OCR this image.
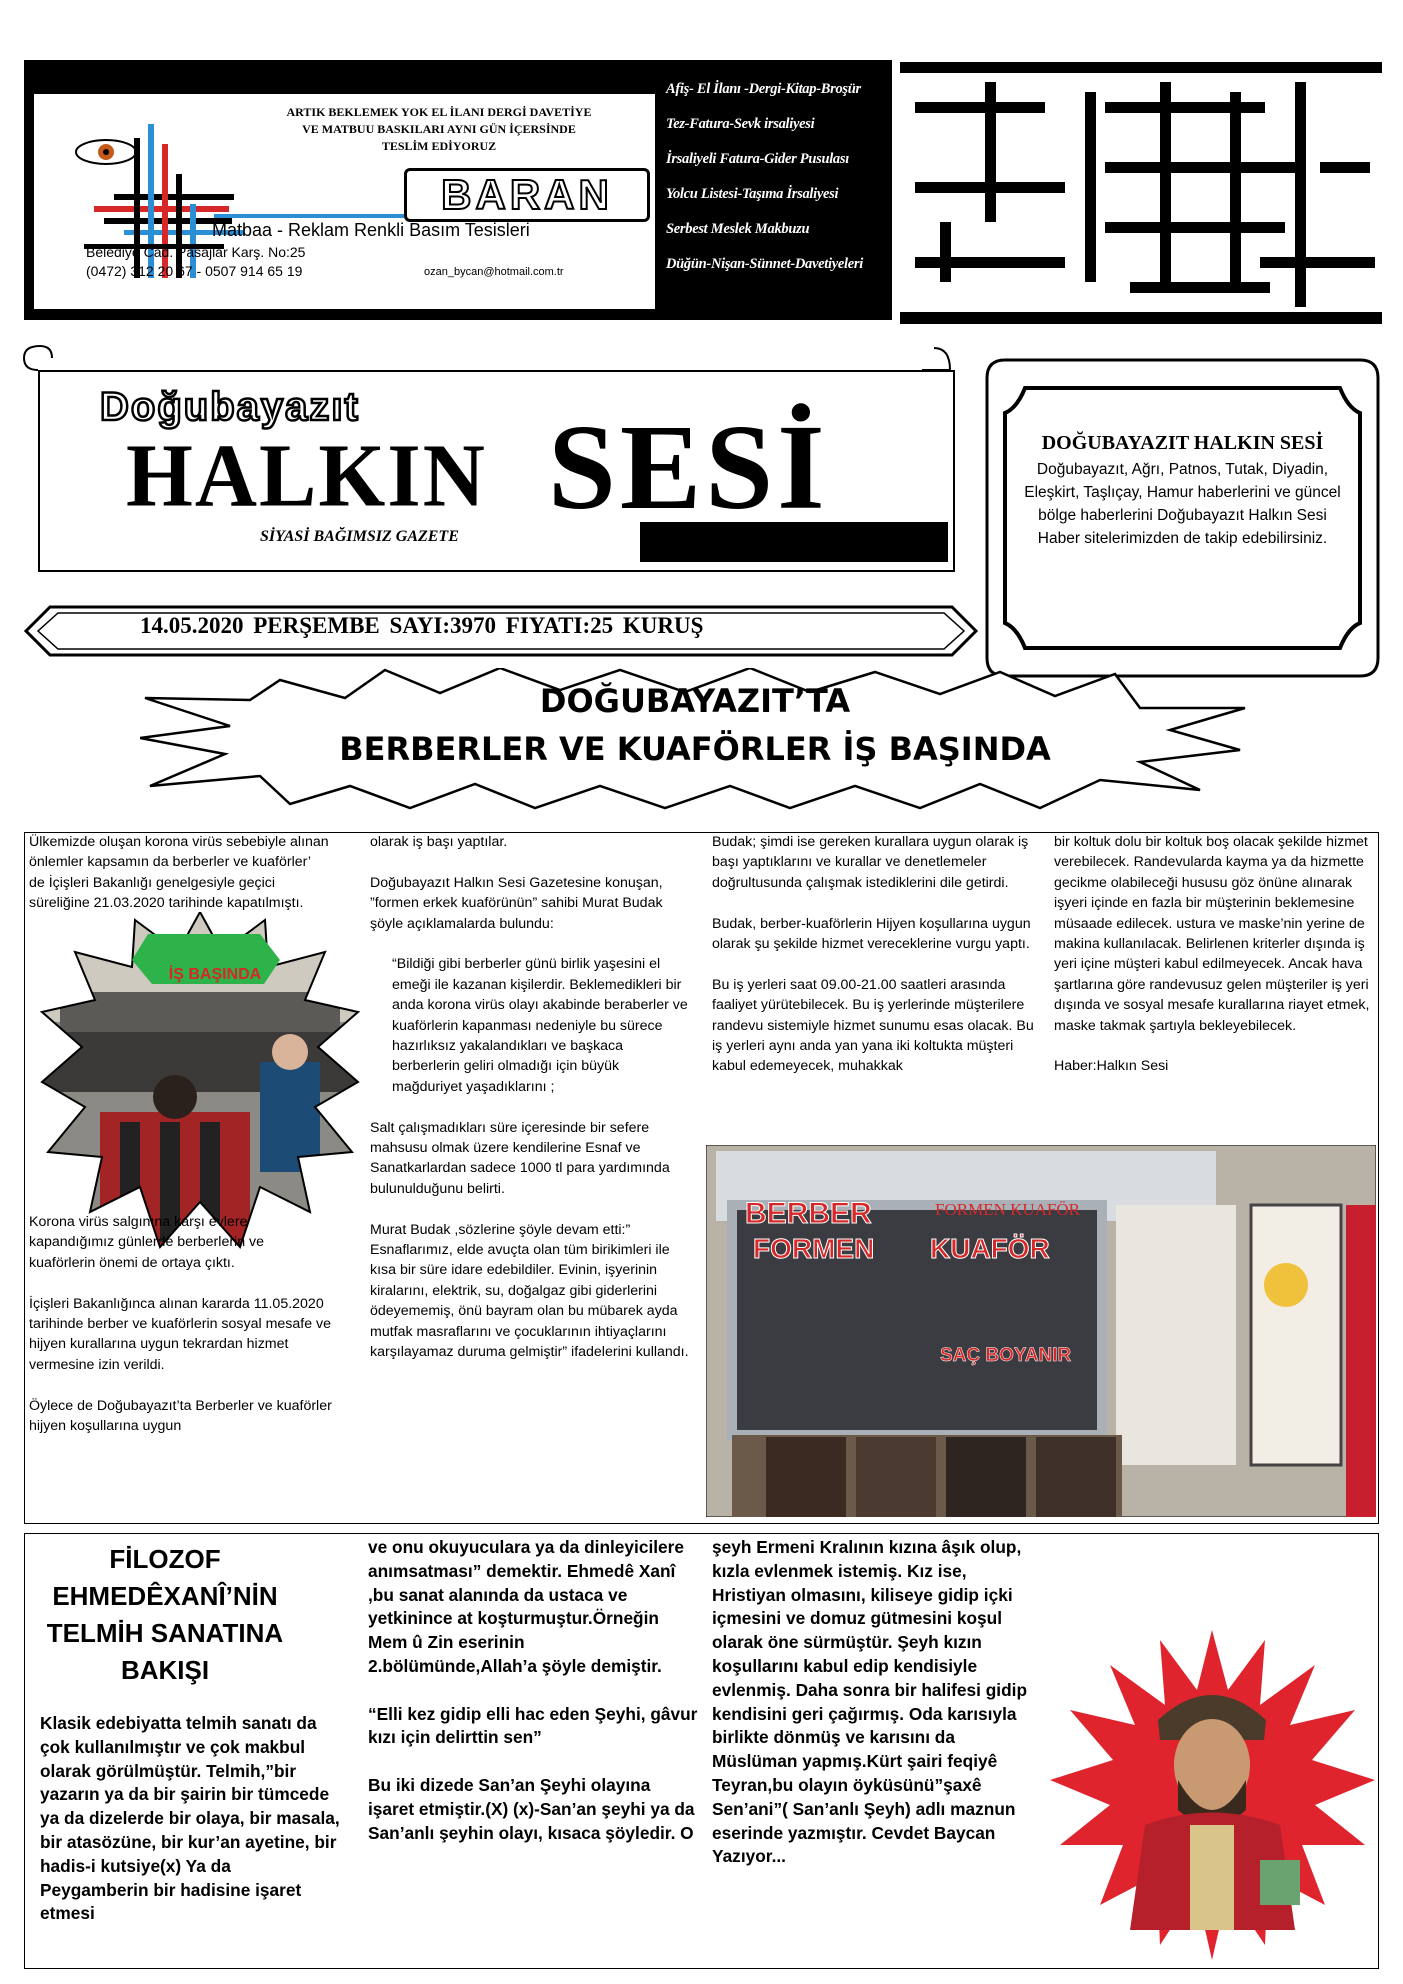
ARTIK BEKLEMEK YOK EL İLANI DERGİ DAVETİYE
VE MATBUU BASKILARI AYNI GÜN İÇERSİNDE
TESLİM EDİYORUZ
BARAN
Matbaa - Reklam Renkli Basım Tesisleri
Belediye Cad. Pasajlar Karş. No:25
(0472) 312 20 67 - 0507 914 65 19	ozan_bycan@hotmail.com.tr
Afiş- El İlanı -Dergi-Kitap-Broşür
Tez-Fatura-Sevk irsaliyesi
İrsaliyeli Fatura-Gider Pusulası
Yolcu Listesi-Taşıma İrsaliyesi
Serbest Meslek Makbuzu
Düğün-Nişan-Sünnet-Davetiyeleri
Doğubayazıt
HALKIN SESİ
SİYASİ BAĞIMSIZ GAZETE	KURULUŞ: 1 ŞUBAT 2002
DOĞUBAYAZIT HALKIN SESİ
Doğubayazıt, Ağrı, Patnos, Tutak, Diyadin, Eleşkirt, Taşlıçay, Hamur haberlerini ve güncel bölge haberlerini Doğubayazıt Halkın Sesi Haber sitelerimizden de takip edebilirsiniz.
14.05.2020 PERŞEMBE SAYI:3970 FIYATI:25 KURUŞ
DOĞUBAYAZIT’TA
BERBERLER VE KUAFÖRLER İŞ BAŞINDA

Ülkemizde oluşan korona virüs sebebiyle alınan önlemler kapsamın da berberler ve kuaförler’ de İçişleri Bakanlığı genelgesiyle geçici süreliğine 21.03.2020 tarihinde kapatılmıştı.

İŞ BAŞINDA

Korona virüs salgınına karşı evlere kapandığımız günlerde berberlerin ve kuaförlerin önemi de ortaya çıktı.

İçişleri Bakanlığınca alınan kararda 11.05.2020 tarihinde berber ve kuaförlerin sosyal mesafe ve hijyen kurallarına uygun tekrardan hizmet vermesine izin verildi.

Öylece de Doğubayazıt’ta Berberler ve kuaförler hijyen koşullarına uygun

olarak iş başı yaptılar.

Doğubayazıt Halkın Sesi Gazetesine konuşan, ”formen erkek kuaförünün” sahibi Murat Budak şöyle açıklamalarda bulundu:

“Bildiği gibi berberler günü birlik yaşesini el emeği ile kazanan kişilerdir. Beklemedikleri bir anda korona virüs olayı akabinde beraberler ve kuaförlerin kapanması nedeniyle bu sürece hazırlıksız yakalandıkları ve başkaca berberlerin geliri olmadığı için büyük mağduriyet yaşadıklarını ;

Salt çalışmadıkları süre içeresinde bir sefere mahsusu olmak üzere kendilerine Esnaf ve Sanatkarlardan sadece 1000 tl para yardımında bulunulduğunu belirti.

Murat Budak ,sözlerine şöyle devam etti:” Esnaflarımız, elde avuçta olan tüm birikimleri ile kısa bir süre idare edebildiler. Evinin, işyerinin kiralarını, elektrik, su, doğalgaz gibi giderlerini ödeyememiş, önü bayram olan bu mübarek ayda mutfak masraflarını ve çocuklarının ihtiyaçlarını karşılayamaz duruma gelmiştir” ifadelerini kullandı.

Budak; şimdi ise gereken kurallara uygun olarak iş başı yaptıklarını ve kurallar ve denetlemeler doğrultusunda çalışmak istediklerini dile getirdi.

Budak, berber-kuaförlerin Hijyen koşullarına uygun olarak şu şekilde hizmet vereceklerine vurgu yaptı.

Bu iş yerleri saat 09.00-21.00 saatleri arasında faaliyet yürütebilecek. Bu iş yerlerinde müşterilere randevu sistemiyle hizmet sunumu esas olacak. Bu iş yerleri aynı anda yan yana iki koltukta müşteri kabul edemeyecek, muhakkak

bir koltuk dolu bir koltuk boş olacak şekilde hizmet verebilecek. Randevularda kayma ya da hizmette gecikme olabileceği hususu göz önüne alınarak işyeri içinde en fazla bir müşterinin beklemesine müsaade edilecek. ustura ve maske’nin yerine de makina kullanılacak. Belirlenen kriterler dışında iş yeri içine müşteri kabul edilmeyecek. Ancak hava şartlarına göre randevusuz gelen müşteriler iş yeri dışında ve sosyal mesafe kurallarına riayet etmek, maske takmak şartıyla bekleyebilecek.

Haber:Halkın Sesi

BERBER
FORMEN KUAFÖR
FORMEN KUAFÖR
SAÇ BOYANIR
FİLOZOF EHMEDÊXANÎ’NİN TELMİH SANATINA BAKIŞI

Klasik edebiyatta telmih sanatı da çok kullanılmıştır ve çok makbul olarak görülmüştür. Telmih,”bir yazarın ya da bir şairin bir tümcede ya da dizelerde bir olaya, bir masala, bir atasözüne, bir kur’an ayetine, bir hadis-i kutsiye(x) Ya da Peygamberin bir hadisine işaret etmesi

ve onu okuyuculara ya da dinleyicilere anımsatması” demektir. Ehmedê Xanî ,bu sanat alanında da ustaca ve yetkinince at koşturmuştur.Örneğin Mem û Zin eserinin 2.bölümünde,Allah’a şöyle demiştir.

“Elli kez gidip elli hac eden Şeyhi, gâvur kızı için delirttin sen”

Bu iki dizede San’an Şeyhi olayına işaret etmiştir.(X) (x)-San’an şeyhi ya da San’anlı şeyhin olayı, kısaca şöyledir. O

şeyh Ermeni Kralının kızına âşık olup, kızla evlenmek istemiş. Kız ise, Hristiyan olmasını, kiliseye gidip içki içmesini ve domuz gütmesini koşul olarak öne sürmüştür. Şeyh kızın koşullarını kabul edip kendisiyle evlenmiş. Daha sonra bir halifesi gidip kendisini geri çağırmış. Oda karısıyla birlikte dönmüş ve karısını da Müslüman yapmış.Kürt şairi feqiyê Teyran,bu olayın öyküsünü”şaxê Sen’ani”( San’anlı Şeyh) adlı maznun eserinde yazmıştır. Cevdet Baycan Yazıyor...
